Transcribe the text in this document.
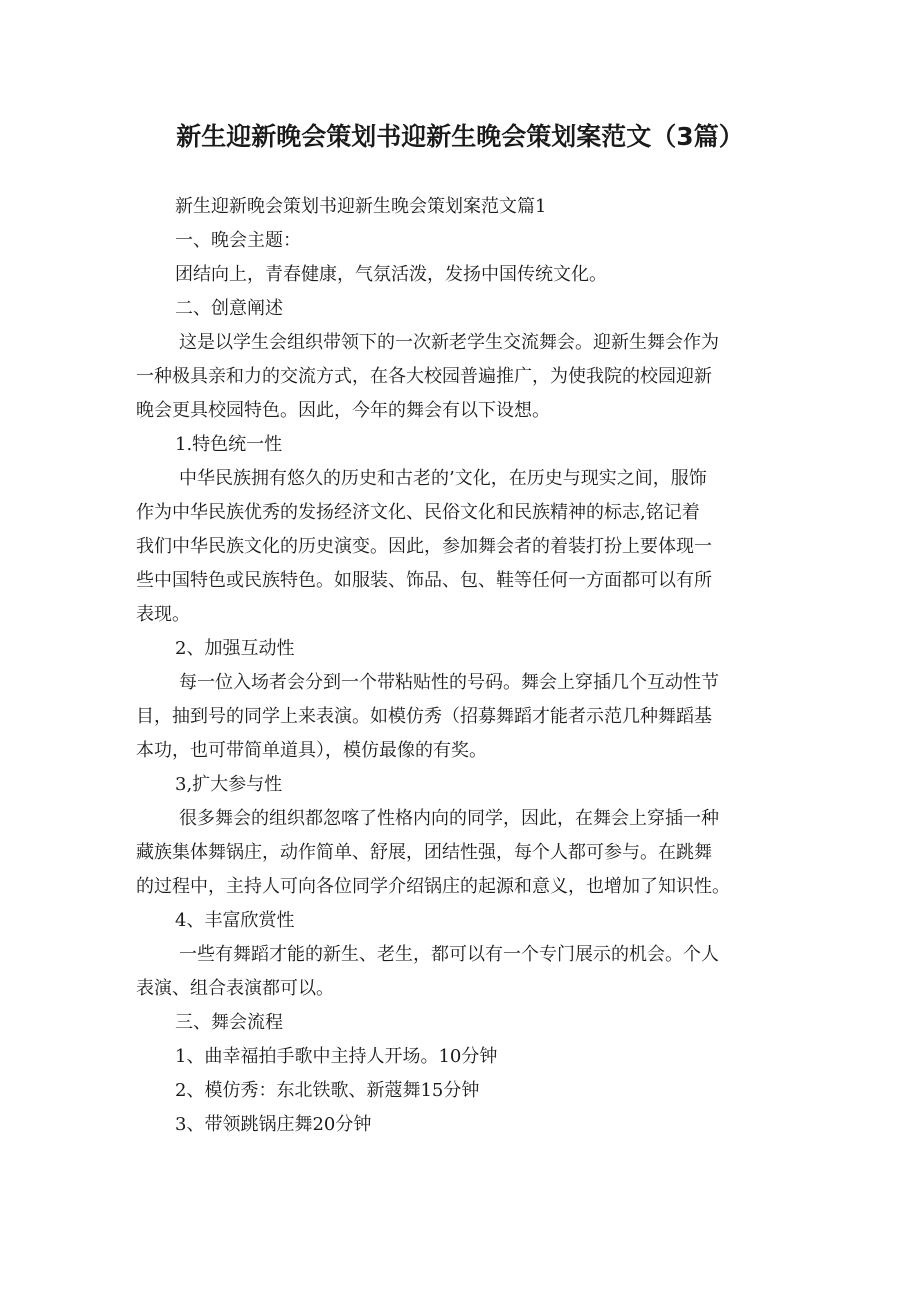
新生迎新晚会策划书迎新生晚会策划案范文（3篇）

新生迎新晚会策划书迎新生晚会策划案范文篇1

一、晚会主题：

团结向上，青春健康，气氛活泼，发扬中国传统文化。

二、创意阐述

这是以学生会组织带领下的一次新老学生交流舞会。迎新生舞会作为
一种极具亲和力的交流方式，在各大校园普遍推广，为使我院的校园迎新
晚会更具校园特色。因此，今年的舞会有以下设想。

1.特色统一性

中华民族拥有悠久的历史和古老的’文化，在历史与现实之间，服饰
作为中华民族优秀的发扬经济文化、民俗文化和民族精神的标志,铭记着
我们中华民族文化的历史演变。因此，参加舞会者的着装打扮上要体现一
些中国特色或民族特色。如服装、饰品、包、鞋等任何一方面都可以有所
表现。

2、加强互动性

每一位入场者会分到一个带粘贴性的号码。舞会上穿插几个互动性节
目，抽到号的同学上来表演。如模仿秀（招募舞蹈才能者示范几种舞蹈基
本功，也可带简单道具），模仿最像的有奖。

3,扩大参与性

很多舞会的组织都忽喀了性格内向的同学，因此，在舞会上穿插一种
藏族集体舞锅庄，动作简单、舒展，团结性强，每个人都可参与。在跳舞
的过程中，主持人可向各位同学介绍锅庄的起源和意义，也增加了知识性。

4、丰富欣赏性

一些有舞蹈才能的新生、老生，都可以有一个专门展示的机会。个人
表演、组合表演都可以。

三、舞会流程

1、曲幸福拍手歌中主持人开场。10分钟

2、模仿秀：东北铁歌、新蔻舞15分钟

3、带领跳锅庄舞20分钟
